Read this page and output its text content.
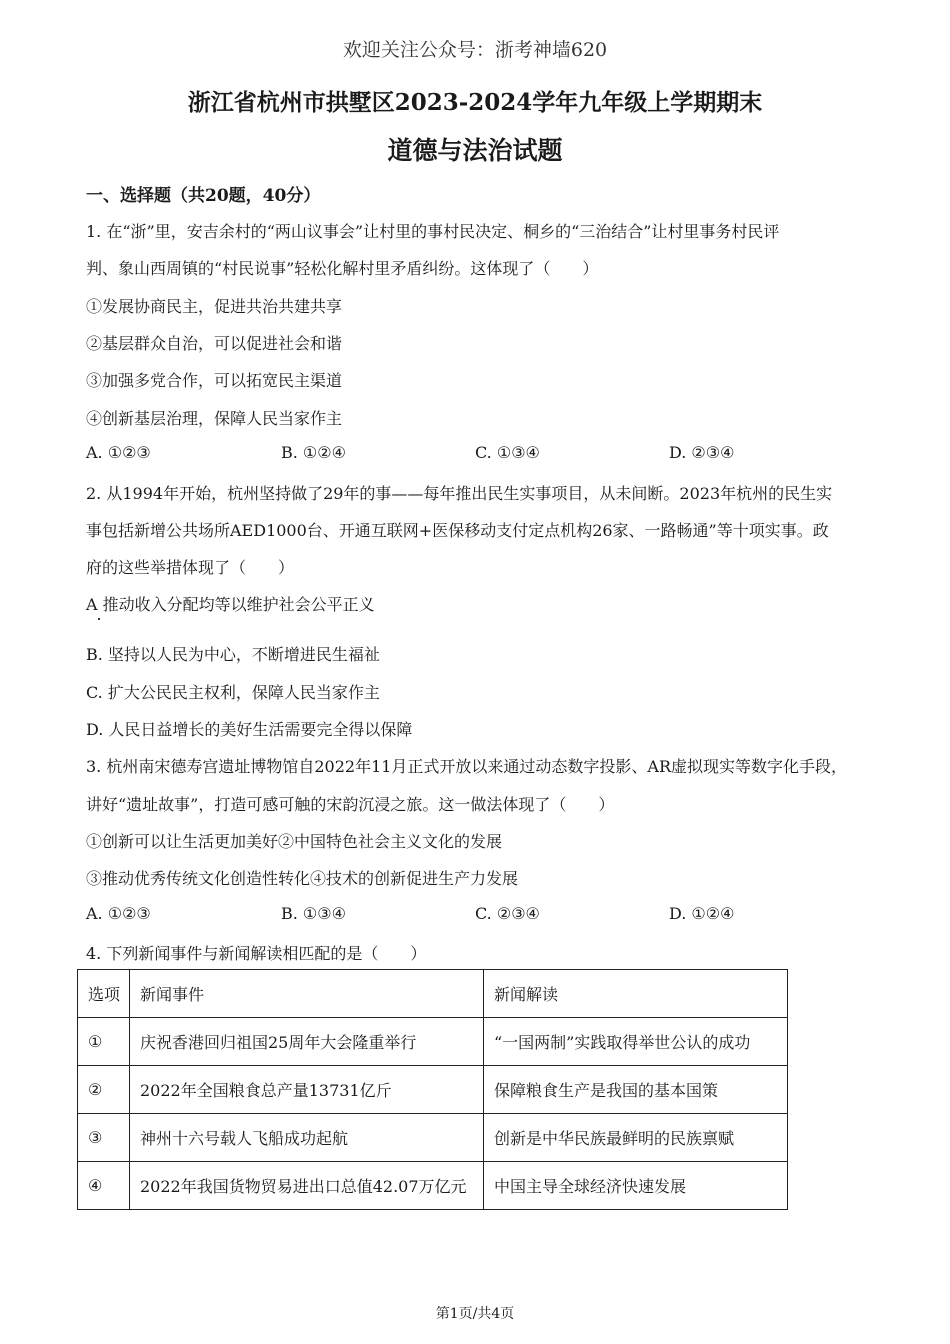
欢迎关注公众号：浙考神墙620
浙江省杭州市拱墅区2023-2024学年九年级上学期期末
道德与法治试题
一、选择题（共20题，40分）
1. 在“浙”里，安吉余村的“两山议事会”让村里的事村民决定、桐乡的“三治结合”让村里事务村民评
判、象山西周镇的“村民说事”轻松化解村里矛盾纠纷。这体现了（　　）
①发展协商民主，促进共治共建共享
②基层群众自治，可以促进社会和谐
③加强多党合作，可以拓宽民主渠道
④创新基层治理，保障人民当家作主
A. ①②③	B. ①②④	C. ①③④	D. ②③④
2. 从1994年开始，杭州坚持做了29年的事——每年推出民生实事项目，从未间断。2023年杭州的民生实
事包括新增公共场所AED1000台、开通互联网+医保移动支付定点机构26家、一路畅通”等十项实事。政
府的这些举措体现了（　　）
A 推动收入分配均等以维护社会公平正义
B. 坚持以人民为中心，不断增进民生福祉
C. 扩大公民民主权利，保障人民当家作主
D. 人民日益增长的美好生活需要完全得以保障
3. 杭州南宋德寿宫遗址博物馆自2022年11月正式开放以来通过动态数字投影、AR虚拟现实等数字化手段，
讲好“遗址故事”，打造可感可触的宋韵沉浸之旅。这一做法体现了（　　）
①创新可以让生活更加美好②中国特色社会主义文化的发展
③推动优秀传统文化创造性转化④技术的创新促进生产力发展
A. ①②③	B. ①③④	C. ②③④	D. ①②④
4. 下列新闻事件与新闻解读相匹配的是（　　）
选项	新闻事件	新闻解读
①	庆祝香港回归祖国25周年大会隆重举行	“一国两制”实践取得举世公认的成功
②	2022年全国粮食总产量13731亿斤	保障粮食生产是我国的基本国策
③	神州十六号载人飞船成功起航	创新是中华民族最鲜明的民族禀赋
④	2022年我国货物贸易进出口总值42.07万亿元	中国主导全球经济快速发展
第1页/共4页
